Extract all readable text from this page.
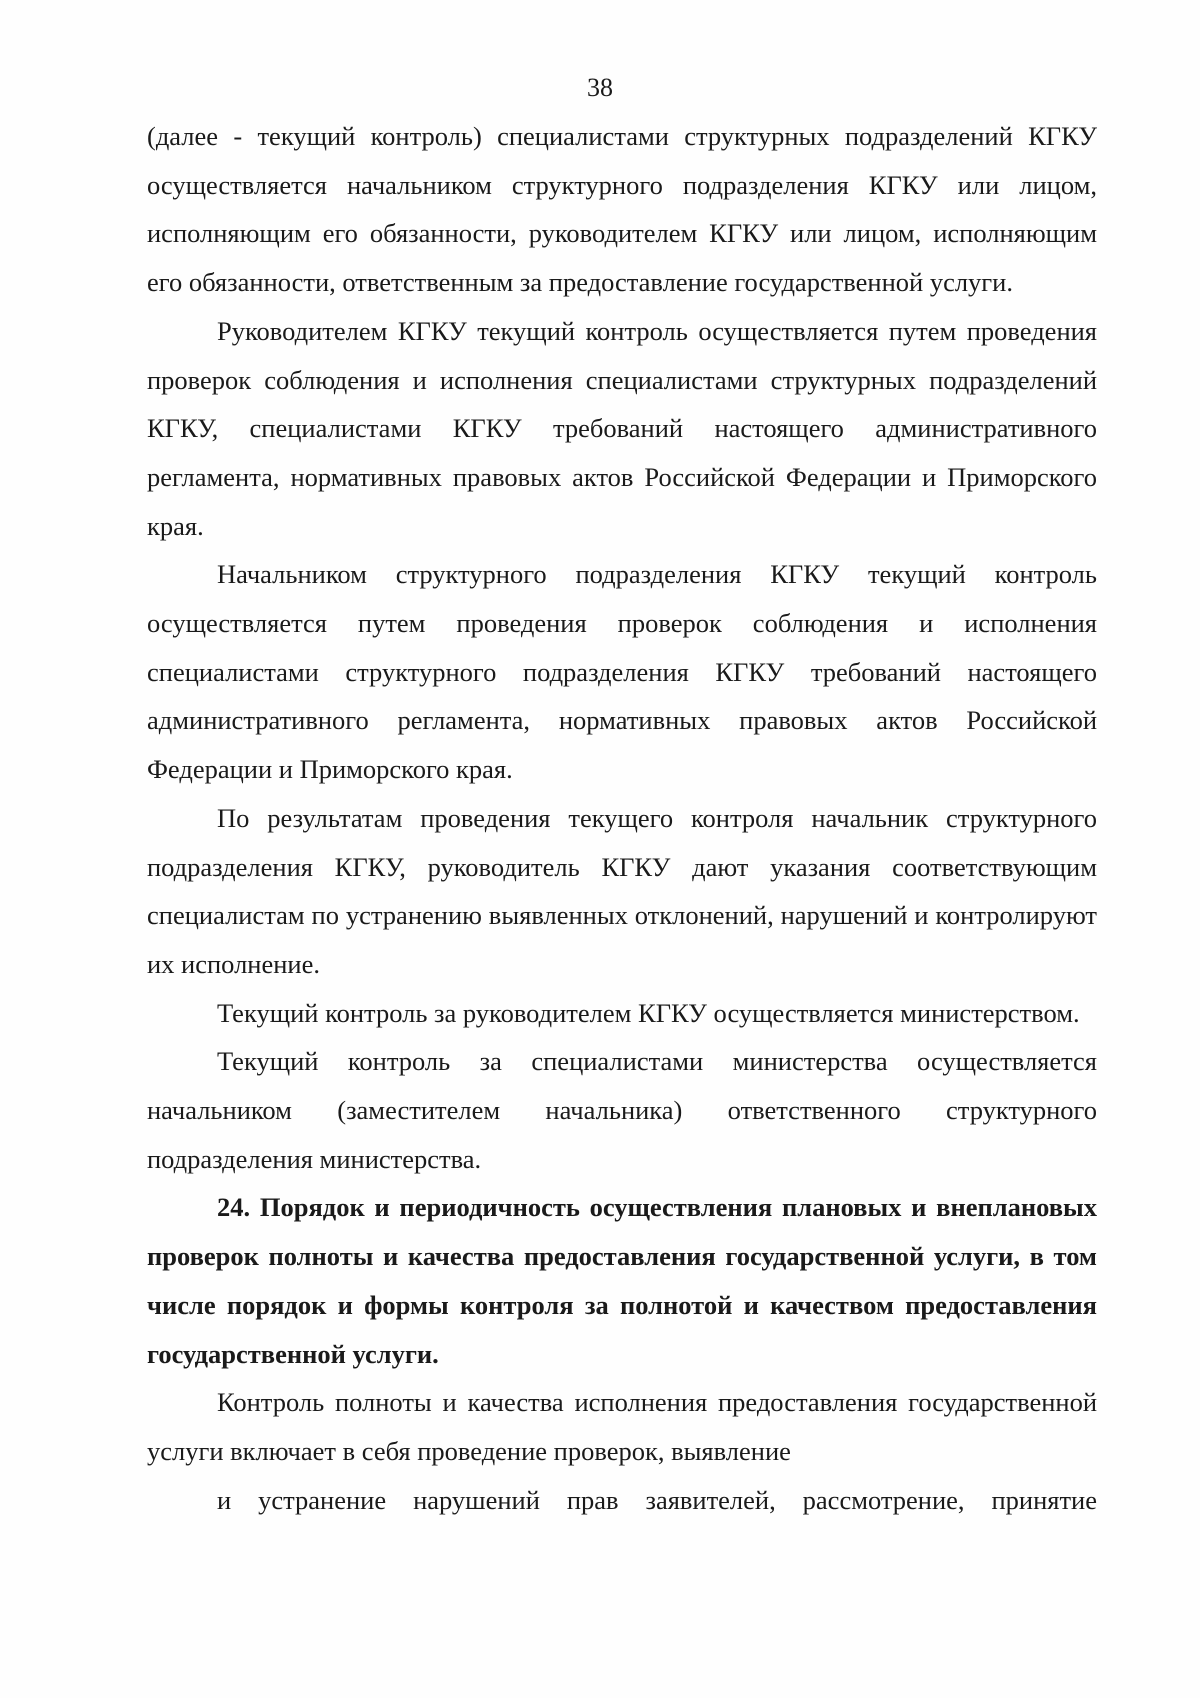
38

(далее - текущий контроль) специалистами структурных подразделений КГКУ осуществляется начальником структурного подразделения КГКУ или лицом, исполняющим его обязанности, руководителем КГКУ или лицом, исполняющим его обязанности, ответственным за предоставление государственной услуги.

Руководителем КГКУ текущий контроль осуществляется путем проведения проверок соблюдения и исполнения специалистами структурных подразделений КГКУ, специалистами КГКУ требований настоящего административного регламента, нормативных правовых актов Российской Федерации и Приморского края.

Начальником структурного подразделения КГКУ текущий контроль осуществляется путем проведения проверок соблюдения и исполнения специалистами структурного подразделения КГКУ требований настоящего административного регламента, нормативных правовых актов Российской Федерации и Приморского края.

По результатам проведения текущего контроля начальник структурного подразделения КГКУ, руководитель КГКУ дают указания соответствующим специалистам по устранению выявленных отклонений, нарушений и контролируют их исполнение.

Текущий контроль за руководителем КГКУ осуществляется министерством.

Текущий контроль за специалистами министерства осуществляется начальником (заместителем начальника) ответственного структурного подразделения министерства.

24. Порядок и периодичность осуществления плановых и внеплановых проверок полноты и качества предоставления государственной услуги, в том числе порядок и формы контроля за полнотой и качеством предоставления государственной услуги.

Контроль полноты и качества исполнения предоставления государственной услуги включает в себя проведение проверок, выявление

и устранение нарушений прав заявителей, рассмотрение, принятие
